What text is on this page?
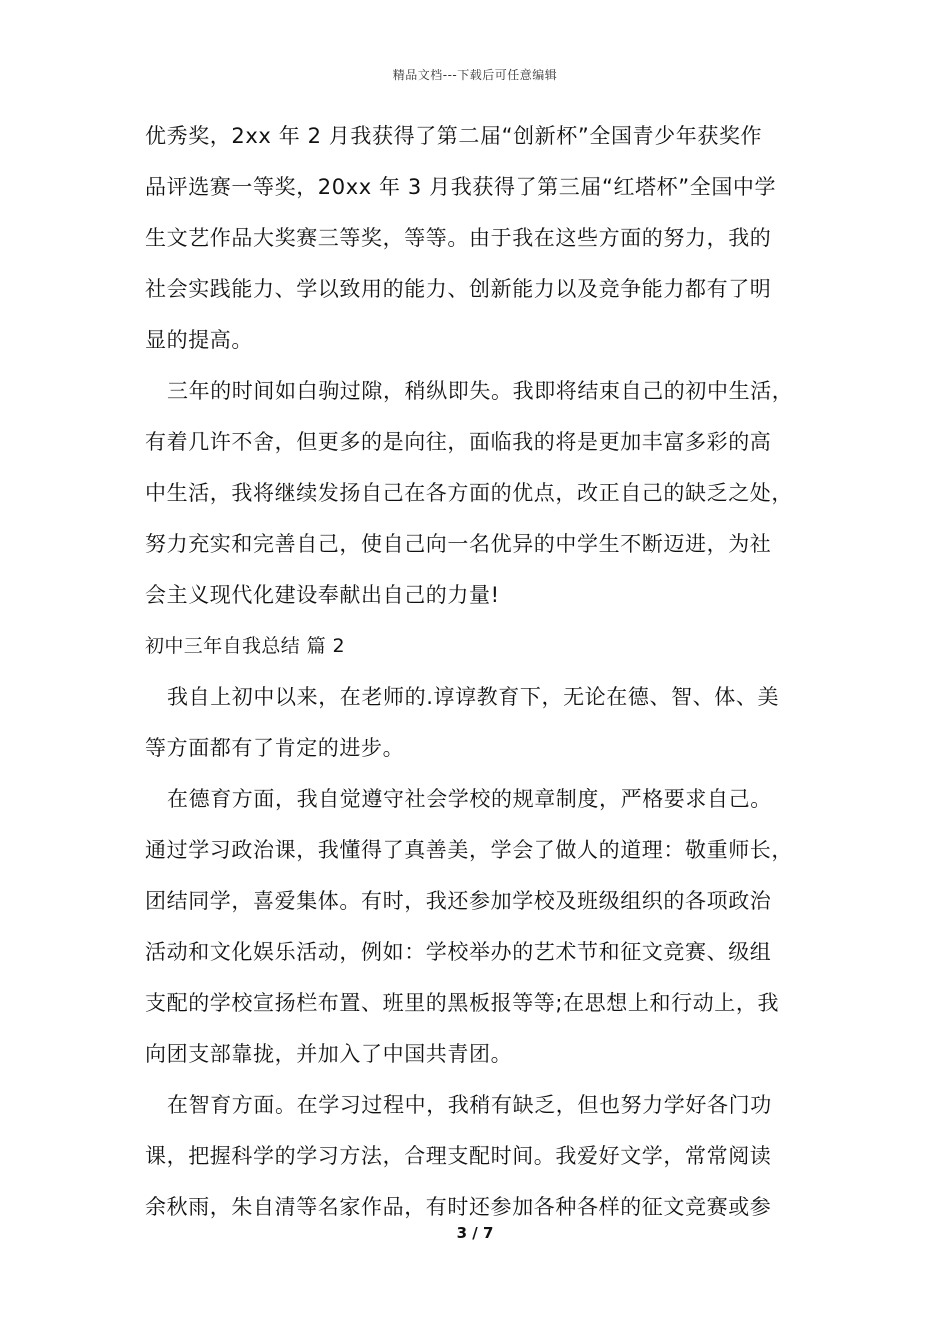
精品文档---下载后可任意编辑
优秀奖，2xx 年 2 月我获得了第二届“创新杯”全国青少年获奖作
品评选赛一等奖，20xx 年 3 月我获得了第三届“红塔杯”全国中学
生文艺作品大奖赛三等奖，等等。由于我在这些方面的努力，我的
社会实践能力、学以致用的能力、创新能力以及竞争能力都有了明
显的提高。
三年的时间如白驹过隙，稍纵即失。我即将结束自己的初中生活，
有着几许不舍，但更多的是向往，面临我的将是更加丰富多彩的高
中生活，我将继续发扬自己在各方面的优点，改正自己的缺乏之处，
努力充实和完善自己，使自己向一名优异的中学生不断迈进，为社
会主义现代化建设奉献出自己的力量!
初中三年自我总结 篇 2
我自上初中以来，在老师的.谆谆教育下，无论在德、智、体、美
等方面都有了肯定的进步。
在德育方面，我自觉遵守社会学校的规章制度，严格要求自己。
通过学习政治课，我懂得了真善美，学会了做人的道理：敬重师长，
团结同学，喜爱集体。有时，我还参加学校及班级组织的各项政治
活动和文化娱乐活动，例如：学校举办的艺术节和征文竞赛、级组
支配的学校宣扬栏布置、班里的黑板报等等;在思想上和行动上，我
向团支部靠拢，并加入了中国共青团。
在智育方面。在学习过程中，我稍有缺乏，但也努力学好各门功
课，把握科学的学习方法，合理支配时间。我爱好文学，常常阅读
余秋雨，朱自清等名家作品，有时还参加各种各样的征文竞赛或参
3 / 7
